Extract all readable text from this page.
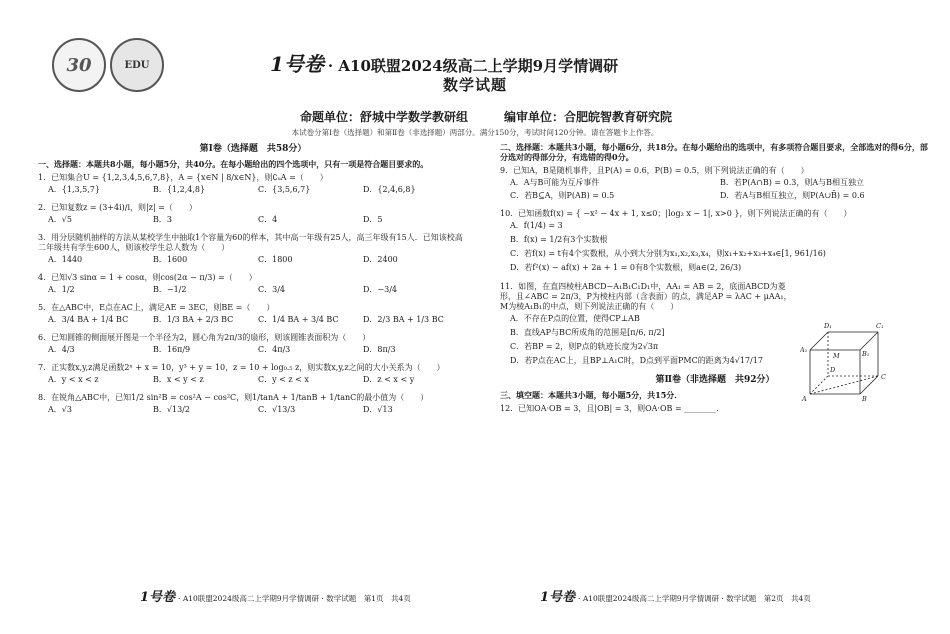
30	EDU	1号卷 · A10联盟2024级高二上学期9月学情调研
数学试题
命题单位：舒城中学数学教研组	编审单位：合肥皖智教育研究院
本试卷分第Ⅰ卷（选择题）和第Ⅱ卷（非选择题）两部分。满分150分，考试时间120分钟。请在答题卡上作答。
第Ⅰ卷（选择题　共58分）
一、选择题：本题共8小题，每小题5分，共40分。在每小题给出的四个选项中，只有一项是符合题目要求的。
1．已知集合U = {1,2,3,4,5,6,7,8}，A = {x∈N | 8/x∈N}，则∁ᵤA =（　　）
A．{1,3,5,7}	B．{1,2,4,8}	C．{3,5,6,7}	D．{2,4,6,8}
2．已知复数z = (3+4i)/i，则|z| =（　　）
A．√5	B．3	C．4	D．5
3．用分层随机抽样的方法从某校学生中抽取1个容量为60的样本，其中高一年级有25人，高三年级有15人．已知该校高二年级共有学生600人，则该校学生总人数为（　　）
A．1440	B．1600	C．1800	D．2400
4．已知√3 sinα = 1 + cosα，则cos(2α − π/3) =（　　）
A．1/2	B．−1/2	C．3/4	D．−3/4
5．在△ABC中，E点在AC上，满足AE = 3EC，则BE =（　　）
A．3/4 BA + 1/4 BC	B．1/3 BA + 2/3 BC	C．1/4 BA + 3/4 BC	D．2/3 BA + 1/3 BC
6．已知圆锥的侧面展开图是一个半径为2，圆心角为2π/3的扇形，则该圆锥表面积为（　　）
A．4/3	B．16π/9	C．4π/3	D．8π/3
7．正实数x,y,z满足函数2ˣ + x = 10，y³ + y = 10，z = 10 + log₀.₅ z，则实数x,y,z之间的大小关系为（　　）
A．y < x < z	B．x < y < z	C．y < z < x	D．z < x < y
8．在锐角△ABC中，已知1/2 sin²B = cos²A − cos²C，则1/tanA + 1/tanB + 1/tanC的最小值为（　　）
A．√3	B．√13/2	C．√13/3	D．√13
二、选择题：本题共3小题，每小题6分，共18分。在每小题给出的选项中，有多项符合题目要求，全部选对的得6分，部分选对的得部分分，有选错的得0分。
9．已知A，B是随机事件，且P(A) = 0.6，P(B) = 0.5，则下列说法正确的有（　　）
A．A与B可能为互斥事件	B．若P(A∩B) = 0.3，则A与B相互独立
C．若B⊆A，则P(AB) = 0.5	D．若A与B相互独立，则P(A∪B̄) = 0.6
10．已知函数f(x) = { −x² − 4x + 1, x≤0；|log₂ x − 1|, x>0 }，则下列说法正确的有（　　）
A．f(1/4) = 3
B．f(x) = 1/2有3个实数根
C．若f(x) = t有4个实数根，从小到大分别为x₁,x₂,x₃,x₄，则x₁+x₂+x₃+x₄∈[1, 961/16)
D．若f²(x) − af(x) + 2a + 1 = 0有8个实数根，则a∈(2, 26/3)
11．如图，在直四棱柱ABCD−A₁B₁C₁D₁中，AA₁ = AB = 2，底面ABCD为菱形，且∠ABC = 2π/3，P为棱柱内部（含表面）的点，满足AP = λAC + μAA₁，M为棱A₁B₁的中点，则下列说法正确的有（　　）
A．不存在P点的位置，使得CP⊥AB
B．直线AP与BC所成角的范围是[π/6, π/2]
C．若BP = 2，则P点的轨迹长度为2√3π
D．若P点在AC上，且BP⊥A₁C时，D点到平面PMC的距离为4√17/17
D₁	C₁
A₁
M	B₁
D
C
A	B
第Ⅱ卷（非选择题　共92分）
三、填空题：本题共3小题，每小题5分，共15分．
12．已知OA·OB = 3，且|OB| = 3，则OA·OB = ________．
1号卷 · A10联盟2024级高二上学期9月学情调研 · 数学试题　第1页　共4页	1号卷 · A10联盟2024级高二上学期9月学情调研 · 数学试题　第2页　共4页
